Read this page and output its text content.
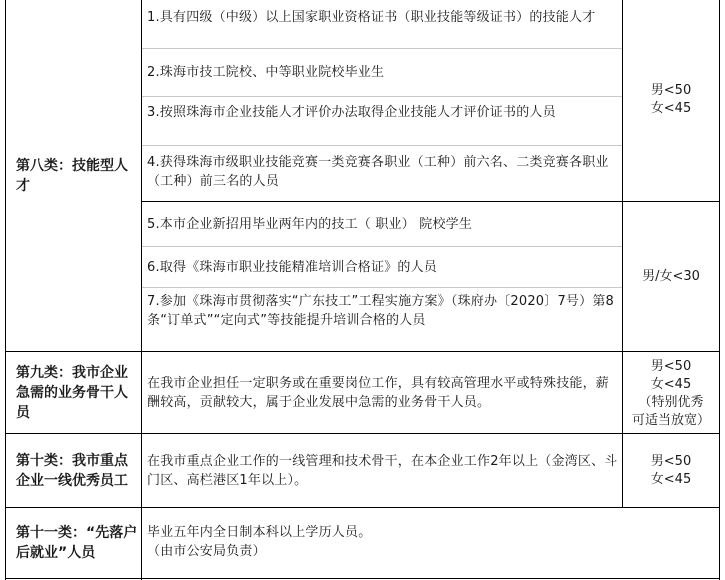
第八类：技能型人才
1.具有四级（中级）以上国家职业资格证书（职业技能等级证书）的技能人才
2.珠海市技工院校、中等职业院校毕业生
3.按照珠海市企业技能人才评价办法取得企业技能人才评价证书的人员
4.获得珠海市级职业技能竞赛一类竞赛各职业（工种）前六名、二类竞赛各职业（工种）前三名的人员
5.本市企业新招用毕业两年内的技工（ 职业） 院校学生
6.取得《珠海市职业技能精准培训合格证》的人员
7.参加《珠海市贯彻落实“广东技工”工程实施方案》（珠府办〔2020〕7号）第8条“订单式”“定向式”等技能提升培训合格的人员
男<50
女<45
男/女<30
第九类：我市企业急需的业务骨干人员
在我市企业担任一定职务或在重要岗位工作，具有较高管理水平或特殊技能，薪酬较高，贡献较大，属于企业发展中急需的业务骨干人员。
男<50
女<45
（特别优秀
可适当放宽）
第十类：我市重点企业一线优秀员工
在我市重点企业工作的一线管理和技术骨干，在本企业工作2年以上（金湾区、斗门区、高栏港区1年以上）。
男<50
女<45
第十一类：“先落户后就业”人员
毕业五年内全日制本科以上学历人员。
（由市公安局负责）
